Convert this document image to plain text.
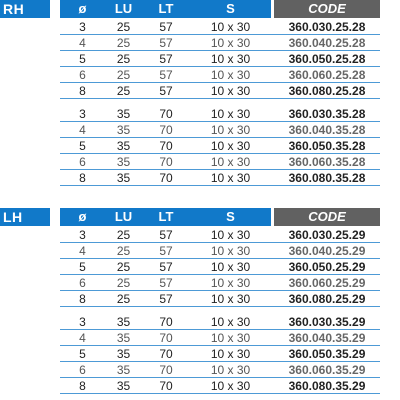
RH	ø	LU	LT	S	CODE
3	25	57	10 x 30	360.030.25.28
4	25	57	10 x 30	360.040.25.28
5	25	57	10 x 30	360.050.25.28
6	25	57	10 x 30	360.060.25.28
8	25	57	10 x 30	360.080.25.28
3	35	70	10 x 30	360.030.35.28
4	35	70	10 x 30	360.040.35.28
5	35	70	10 x 30	360.050.35.28
6	35	70	10 x 30	360.060.35.28
8	35	70	10 x 30	360.080.35.28
LH	ø	LU	LT	S	CODE
3	25	57	10 x 30	360.030.25.29
4	25	57	10 x 30	360.040.25.29
5	25	57	10 x 30	360.050.25.29
6	25	57	10 x 30	360.060.25.29
8	25	57	10 x 30	360.080.25.29
3	35	70	10 x 30	360.030.35.29
4	35	70	10 x 30	360.040.35.29
5	35	70	10 x 30	360.050.35.29
6	35	70	10 x 30	360.060.35.29
8	35	70	10 x 30	360.080.35.29
